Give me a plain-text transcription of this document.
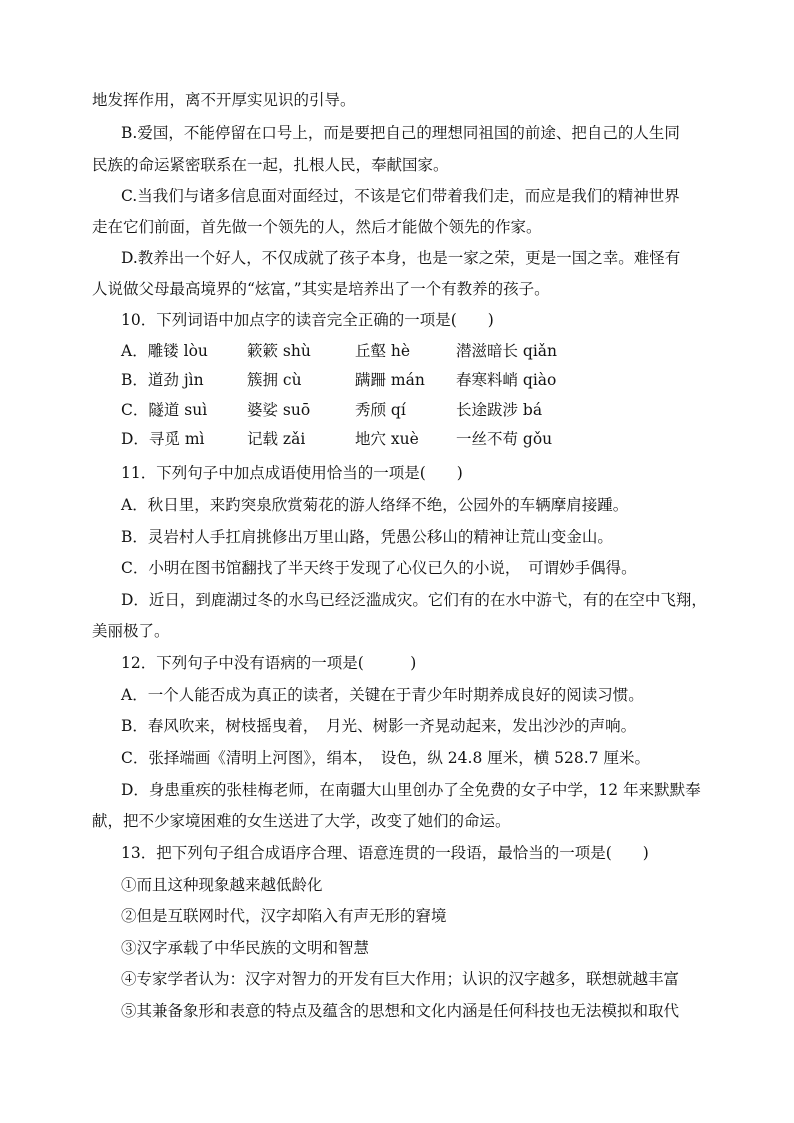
地发挥作用，离不开厚实见识的引导。
B.爱国，不能停留在口号上，而是要把自己的理想同祖国的前途、把自己的人生同
民族的命运紧密联系在一起，扎根人民，奉献国家。
C.当我们与诸多信息面对面经过，不该是它们带着我们走，而应是我们的精神世界
走在它们前面，首先做一个领先的人，然后才能做个领先的作家。
D.教养出一个好人，不仅成就了孩子本身，也是一家之荣，更是一国之幸。难怪有
人说做父母最高境界的“炫富，”其实是培养出了一个有教养的孩子。
10．下列词语中加点字的读音完全正确的一项是(　　)
A．雕镂 lòu	簌簌 shù	丘壑 hè	潜滋暗长 qiǎn
B．道劲 jìn	簇拥 cù	蹒跚 mán 春寒料峭 qiào
C．隧道 suì	婆娑 suō	秀颀 qí	长途跋涉 bá
D．寻觅 mì	记载 zǎi	地穴 xuè 一丝不苟 gǒu
11．下列句子中加点成语使用恰当的一项是(　　)
A．秋日里，来趵突泉欣赏菊花的游人络绎不绝，公园外的车辆摩肩接踵。
B．灵岩村人手扛肩挑修出万里山路，凭愚公移山的精神让荒山变金山。
C．小明在图书馆翻找了半天终于发现了心仪已久的小说，　可谓妙手偶得。
D．近日，到鹿湖过冬的水鸟已经泛滥成灾。它们有的在水中游弋，有的在空中飞翔，
美丽极了。
12．下列句子中没有语病的一项是(　　　)
A．一个人能否成为真正的读者，关键在于青少年时期养成良好的阅读习惯。
B．春风吹来，树枝摇曳着，　月光、树影一齐晃动起来，发出沙沙的声响。
C．张择端画《清明上河图》，绢本，　设色，纵 24.8 厘米，横 528.7 厘米。
D．身患重疾的张桂梅老师，在南疆大山里创办了全免费的女子中学，12 年来默默奉
献，把不少家境困难的女生送进了大学，改变了她们的命运。
13．把下列句子组合成语序合理、语意连贯的一段语，最恰当的一项是(　　)
①而且这种现象越来越低龄化
②但是互联网时代，汉字却陷入有声无形的窘境
③汉字承载了中华民族的文明和智慧
④专家学者认为：汉字对智力的开发有巨大作用；认识的汉字越多，联想就越丰富
⑤其兼备象形和表意的特点及蕴含的思想和文化内涵是任何科技也无法模拟和取代
